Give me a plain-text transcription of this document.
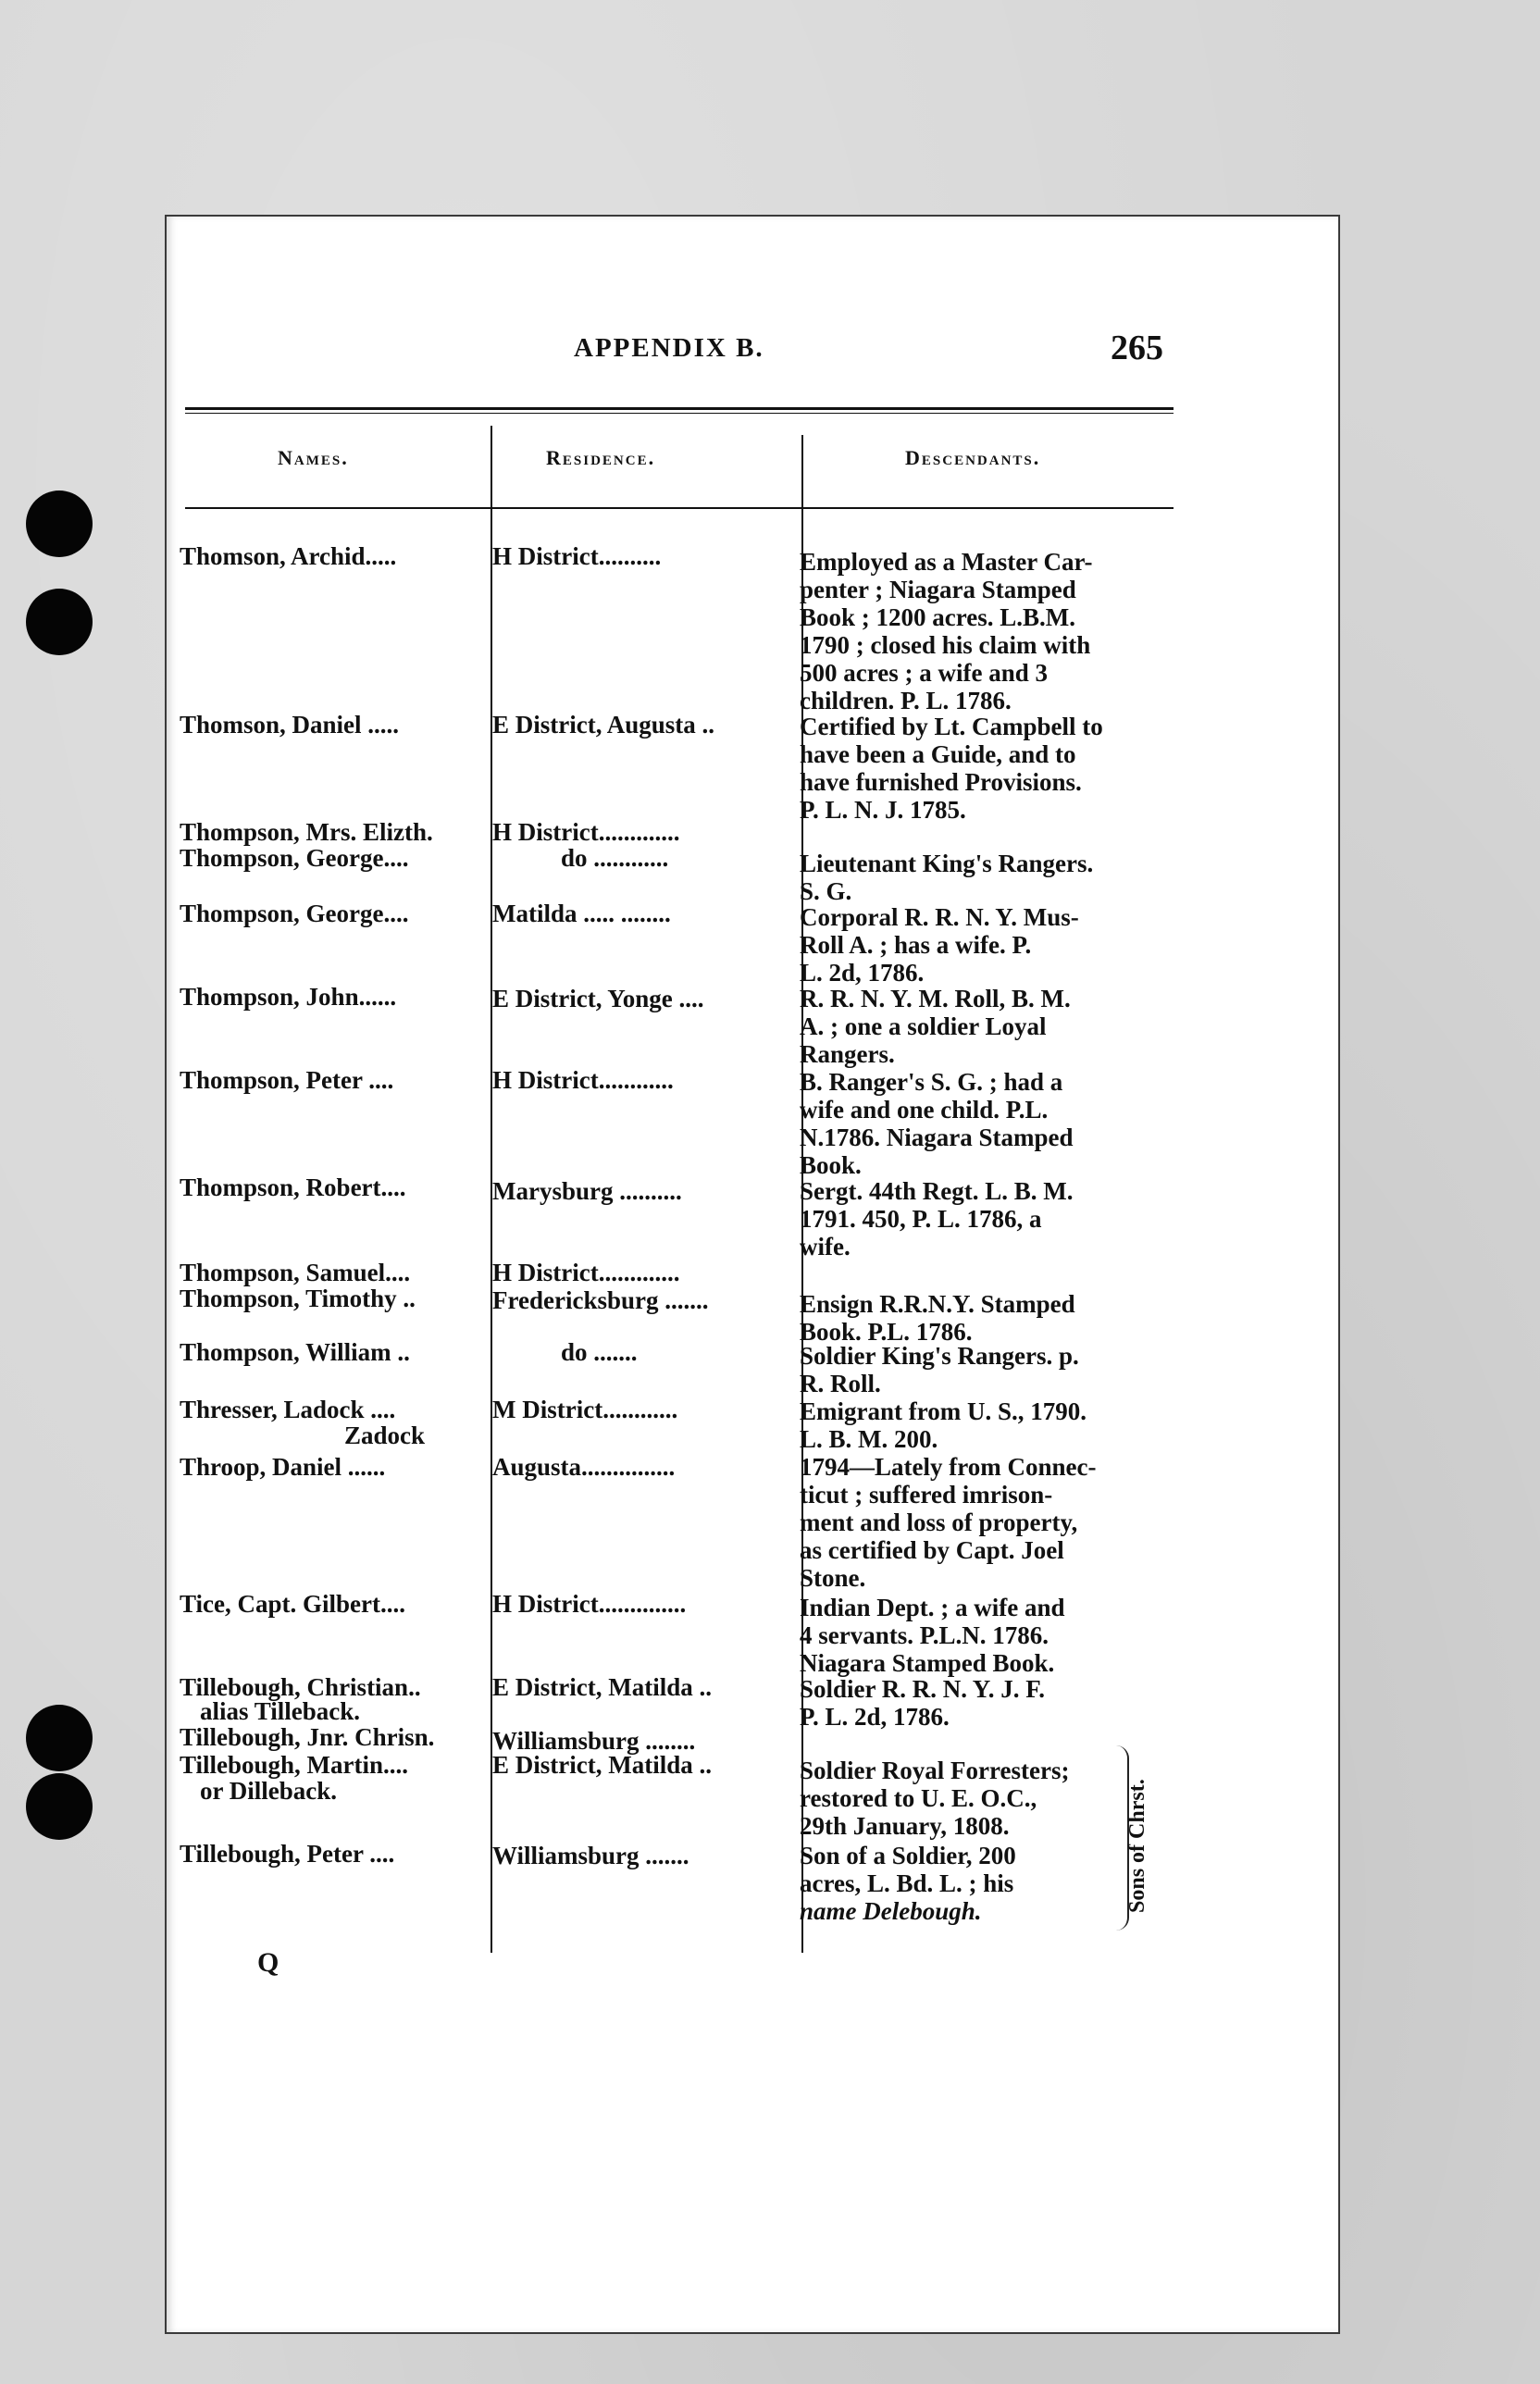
APPENDIX B.	265
Names.	Residence.	Descendants.
Thomson, Archid.....	H District..........	Employed as a Master Car-
penter ; Niagara Stamped
Book ; 1200 acres. L.B.M.
1790 ; closed his claim with
500 acres ; a wife and 3
children. P. L. 1786.
Thomson, Daniel .....	E District, Augusta ..	Certified by Lt. Campbell to
have been a Guide, and to
have furnished Provisions.
P. L. N. J. 1785.
Thompson, Mrs. Elizth. H District.............
Thompson, George....	do ............	Lieutenant King's Rangers.
S. G.
Thompson, George....	Matilda ..... ........	Corporal R. R. N. Y. Mus-
Roll A. ; has a wife. P.
L. 2d, 1786.
Thompson, John......	E District, Yonge ....	R. R. N. Y. M. Roll, B. M.
A. ; one a soldier Loyal
Rangers.
Thompson, Peter ....	H District............	B. Ranger's S. G. ; had a
wife and one child. P.L.
N.1786. Niagara Stamped
Book.
Thompson, Robert....	Marysburg ..........	Sergt. 44th Regt. L. B. M.
1791. 450, P. L. 1786, a
wife.
Thompson, Samuel....	H District.............
Thompson, Timothy ..	Fredericksburg .......	Ensign R.R.N.Y. Stamped
Book. P.L. 1786.
Thompson, William ..	do .......	Soldier King's Rangers. p.
R. Roll.
Thresser, Ladock ....
Zadock
M District............	Emigrant from U. S., 1790.
L. B. M. 200.
Throop, Daniel ......	Augusta...............	1794—Lately from Connec-
ticut ; suffered imrison-
ment and loss of property,
as certified by Capt. Joel
Stone.
Tice, Capt. Gilbert....	H District..............	Indian Dept. ; a wife and
4 servants. P.L.N. 1786.
Niagara Stamped Book.
Tillebough, Christian..
alias Tilleback.
E District, Matilda ..	Soldier R. R. N. Y. J. F.
P. L. 2d, 1786.
Tillebough, Jnr. Chrisn. Williamsburg ........
Tillebough, Martin....
or Dilleback.
E District, Matilda ..	Soldier Royal Forresters;
restored to U. E. O.C.,
29th January, 1808.
Tillebough, Peter ....	Williamsburg .......	Son of a Soldier, 200
acres, L. Bd. L. ; his
name Delebough.	Sons of Chrst.
Q
